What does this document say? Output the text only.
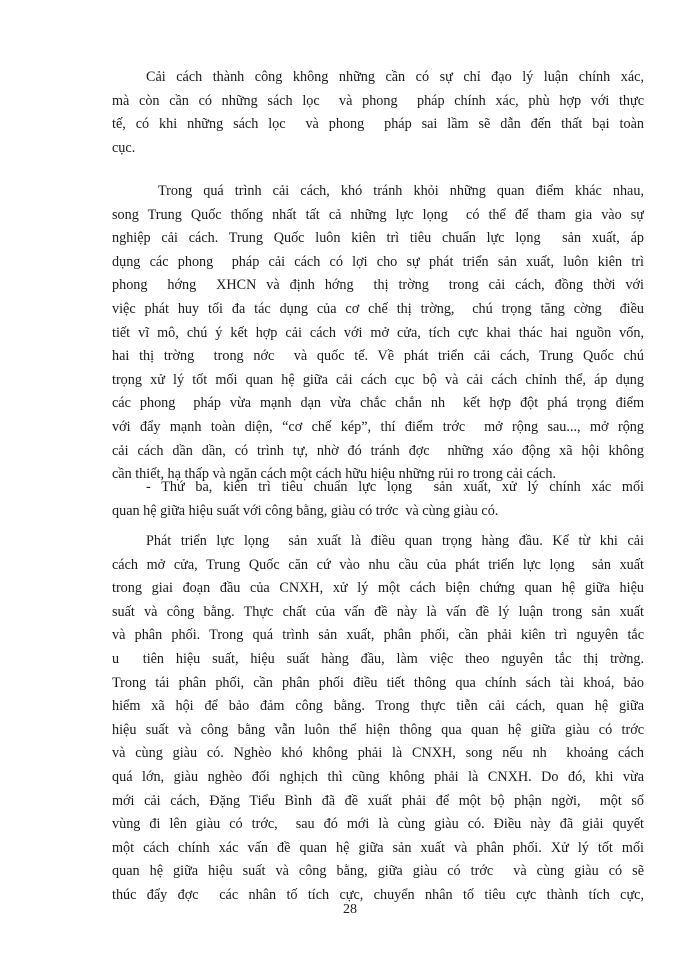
Cải cách thành công không những cần có sự chỉ đạo lý luận chính xác,
mà còn cần có những sách lọc  và phong  pháp chính xác, phù hợp với thực
tế, có khi những sách lọc  và phong  pháp sai lầm sẽ dẫn đến thất bại toàn
cục.
Trong quá trình cải cách, khó tránh khỏi những quan điểm khác nhau,
song Trung Quốc thống nhất tất cả những lực lọng  có thể để tham gia vào sự
nghiệp cải cách. Trung Quốc luôn kiên trì tiêu chuẩn lực lọng  sản xuất, áp
dụng các phong  pháp cải cách có lợi cho sự phát triển sản xuất, luôn kiên trì
phong  hớng  XHCN và định hớng  thị trờng  trong cải cách, đồng thời với
việc phát huy tối đa tác dụng của cơ chế thị trờng,  chú trọng tăng cờng  điều
tiết vĩ mô, chú ý kết hợp cải cách với mở cửa, tích cực khai thác hai nguồn vốn,
hai thị trờng  trong nớc  và quốc tế. Về phát triển cải cách, Trung Quốc chú
trọng xử lý tốt mối quan hệ giữa cải cách cục bộ và cải cách chỉnh thể, áp dụng
các phong  pháp vừa mạnh dạn vừa chắc chắn nh  kết hợp đột phá trọng điểm
với đẩy mạnh toàn diện, “cơ chế kép”, thí điểm trớc  mở rộng sau..., mở rộng
cải cách dần dần, có trình tự, nhờ đó tránh đợc  những xáo động xã hội không
cần thiết, hạ thấp và ngăn cách một cách hữu hiệu những rủi ro trong cải cách.
- Thứ ba, kiên trì tiêu chuẩn lực lọng  sản xuất, xử lý chính xác mối
quan hệ giữa hiệu suất với công bằng, giàu có trớc  và cùng giàu có.
Phát triển lực lọng  sản xuất là điều quan trọng hàng đầu. Kể từ khi cải
cách mở cửa, Trung Quốc căn cứ vào nhu cầu của phát triển lực lọng  sản xuất
trong giai đoạn đầu của CNXH, xử lý một cách biện chứng quan hệ giữa hiệu
suất và công bằng. Thực chất của vấn đề này là vấn đề lý luận trong sản xuất
và phân phối. Trong quá trình sản xuất, phân phối, cần phải kiên trì nguyên tắc
u  tiên hiệu suất, hiệu suất hàng đầu, làm việc theo nguyên tắc thị trờng.
Trong tái phân phối, cần phân phối điều tiết thông qua chính sách tài khoá, bảo
hiểm xã hội để bảo đảm công bằng. Trong thực tiễn cải cách, quan hệ giữa
hiệu suất và công bằng vẫn luôn thể hiện thông qua quan hệ giữa giàu có trớc
và cùng giàu có. Nghèo khó không phải là CNXH, song nếu nh  khoảng cách
quá lớn, giàu nghèo đối nghịch thì cũng không phải là CNXH. Do đó, khi vừa
mới cải cách, Đặng Tiểu Bình đã đề xuất phải để một bộ phận ngời,  một số
vùng đi lên giàu có trớc,  sau đó mới là cùng giàu có. Điều này đã giải quyết
một cách chính xác vấn đề quan hệ giữa sản xuất và phân phối. Xử lý tốt mối
quan hệ giữa hiệu suất và công bằng, giữa giàu có trớc  và cùng giàu có sẽ
thúc đẩy đợc  các nhân tố tích cực, chuyển nhân tố tiêu cực thành tích cực,
28
